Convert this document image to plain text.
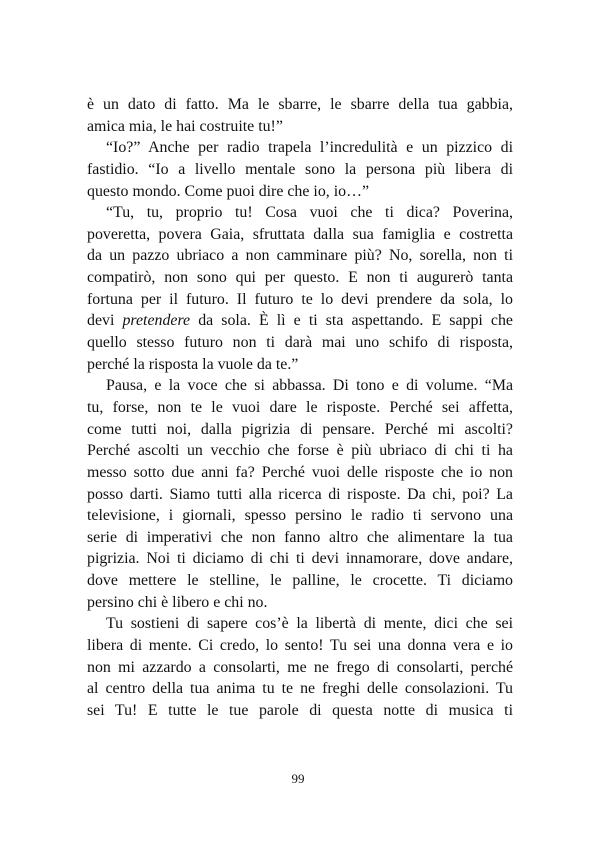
è un dato di fatto. Ma le sbarre, le sbarre della tua gabbia,
amica mia, le hai costruite tu!”
“Io?” Anche per radio trapela l’incredulità e un pizzico di
fastidio. “Io a livello mentale sono la persona più libera di
questo mondo. Come puoi dire che io, io…”
“Tu, tu, proprio tu! Cosa vuoi che ti dica? Poverina,
poveretta, povera Gaia, sfruttata dalla sua famiglia e costretta
da un pazzo ubriaco a non camminare più? No, sorella, non ti
compatirò, non sono qui per questo. E non ti augurerò tanta
fortuna per il futuro. Il futuro te lo devi prendere da sola, lo
devi pretendere da sola. È lì e ti sta aspettando. E sappi che
quello stesso futuro non ti darà mai uno schifo di risposta,
perché la risposta la vuole da te.”
Pausa, e la voce che si abbassa. Di tono e di volume. “Ma
tu, forse, non te le vuoi dare le risposte. Perché sei affetta,
come tutti noi, dalla pigrizia di pensare. Perché mi ascolti?
Perché ascolti un vecchio che forse è più ubriaco di chi ti ha
messo sotto due anni fa? Perché vuoi delle risposte che io non
posso darti. Siamo tutti alla ricerca di risposte. Da chi, poi? La
televisione, i giornali, spesso persino le radio ti servono una
serie di imperativi che non fanno altro che alimentare la tua
pigrizia. Noi ti diciamo di chi ti devi innamorare, dove andare,
dove mettere le stelline, le palline, le crocette. Ti diciamo
persino chi è libero e chi no.
Tu sostieni di sapere cos’è la libertà di mente, dici che sei
libera di mente. Ci credo, lo sento! Tu sei una donna vera e io
non mi azzardo a consolarti, me ne frego di consolarti, perché
al centro della tua anima tu te ne freghi delle consolazioni. Tu
sei Tu! E tutte le tue parole di questa notte di musica ti
99
